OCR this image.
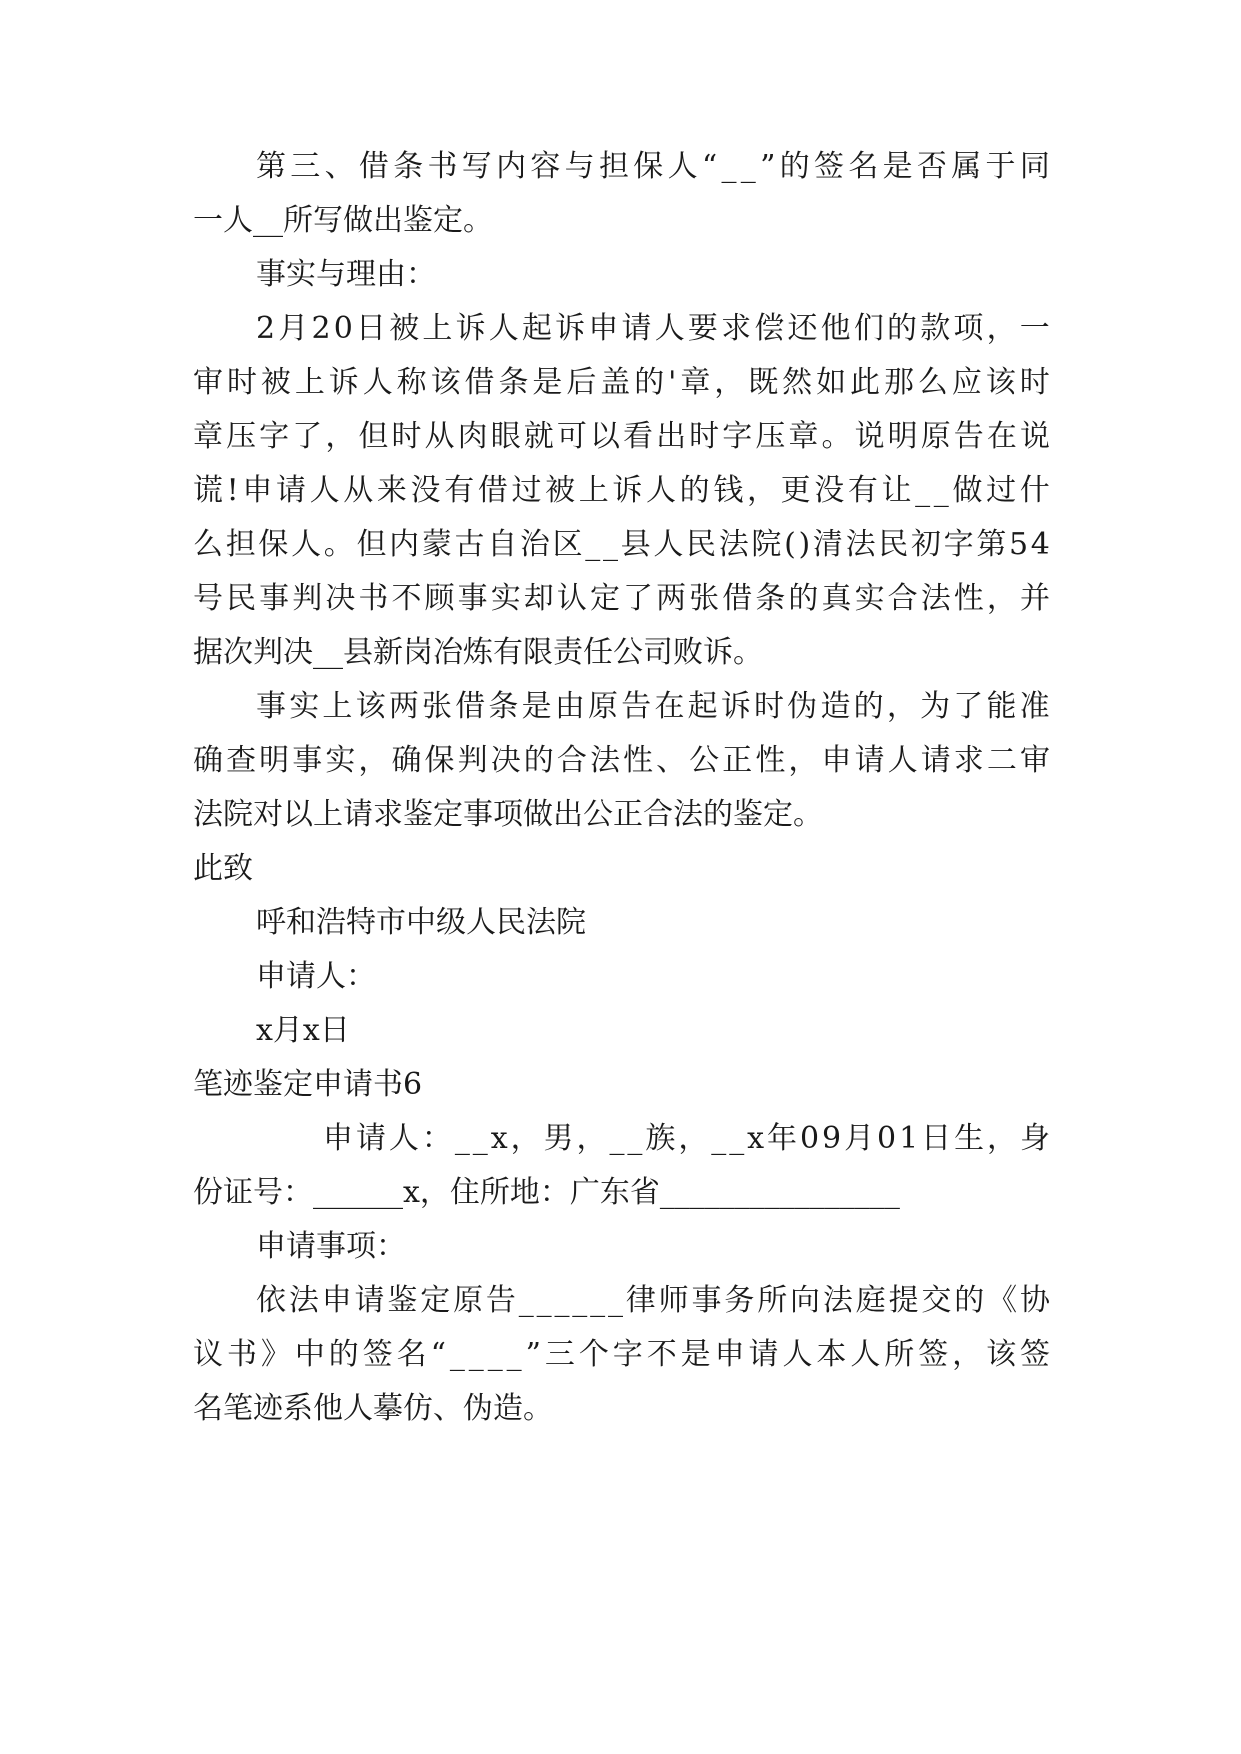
第 三 、 借 条 书 写 内 容 与 担 保 人 “ _ _ ” 的 签 名 是 否 属 于 同
一人__所写做出鉴定。
事实与理由：
2 月 2 0 日 被 上 诉 人 起 诉 申 请 人 要 求 偿 还 他 们 的 款 项 ， 一
审 时 被 上 诉 人 称 该 借 条 是 后 盖 的 ' 章 ， 既 然 如 此 那 么 应 该 时
章 压 字 了 ， 但 时 从 肉 眼 就 可 以 看 出 时 字 压 章 。 说 明 原 告 在 说
谎 ! 申 请 人 从 来 没 有 借 过 被 上 诉 人 的 钱 ， 更 没 有 让 _ _ 做 过 什
么 担 保 人 。 但 内 蒙 古 自 治 区 _ _ 县 人 民 法 院 ( ) 清 法 民 初 字 第 5 4
号 民 事 判 决 书 不 顾 事 实 却 认 定 了 两 张 借 条 的 真 实 合 法 性 ， 并
据次判决__县新岗冶炼有限责任公司败诉。
事 实 上 该 两 张 借 条 是 由 原 告 在 起 诉 时 伪 造 的 ， 为 了 能 准
确 查 明 事 实 ， 确 保 判 决 的 合 法 性 、 公 正 性 ， 申 请 人 请 求 二 审
法院对以上请求鉴定事项做出公正合法的鉴定。
此致
呼和浩特市中级人民法院
申请人：
x月x日
笔迹鉴定申请书6
申 请 人 ： _ _ x ， 男 ， _ _ 族 ， _ _ x 年 0 9 月 0 1 日 生 ， 身
份证号：______x，住所地：广东省________________
申请事项：
依 法 申 请 鉴 定 原 告 _ _ _ _ _ _ 律 师 事 务 所 向 法 庭 提 交 的 《 协
议 书 》 中 的 签 名 “ _ _ _ _ ” 三 个 字 不 是 申 请 人 本 人 所 签 ， 该 签
名笔迹系他人摹仿、伪造。
